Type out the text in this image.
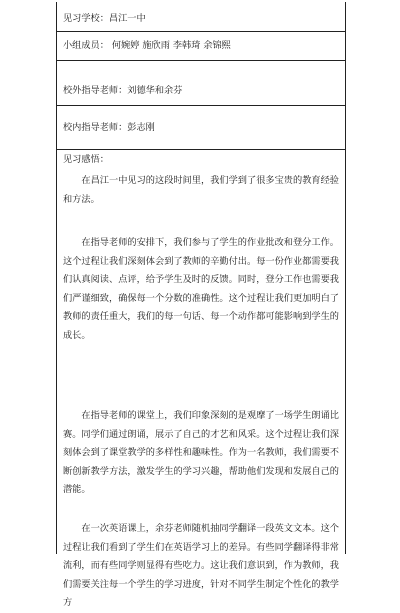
见习学校：昌江一中
小组成员： 何婉婷 施欣雨 李韩琦 余锦熙
校外指导老师：刘德华和余芬
校内指导老师：彭志刚
见习感悟：

在昌江一中见习的这段时间里，我们学到了很多宝贵的教育经验和方法。

在指导老师的安排下，我们参与了学生的作业批改和登分工作。这个过程让我们深刻体会到了教师的辛勤付出。每一份作业都需要我们认真阅读、点评，给予学生及时的反馈。同时，登分工作也需要我们严谨细致，确保每一个分数的准确性。这个过程让我们更加明白了教师的责任重大，我们的每一句话、每一个动作都可能影响到学生的成长。

在指导老师的课堂上，我们印象深刻的是观摩了一场学生朗诵比赛。同学们通过朗诵，展示了自己的才艺和风采。这个过程让我们深刻体会到了课堂教学的多样性和趣味性。作为一名教师，我们需要不断创新教学方法，激发学生的学习兴趣，帮助他们发现和发展自己的潜能。

在一次英语课上，余芬老师随机抽同学翻译一段英文文本。这个过程让我们看到了学生们在英语学习上的差异。有些同学翻译得非常流利，而有些同学则显得有些吃力。这让我们意识到，作为教师，我们需要关注每一个学生的学习进度，针对不同学生制定个性化的教学方
